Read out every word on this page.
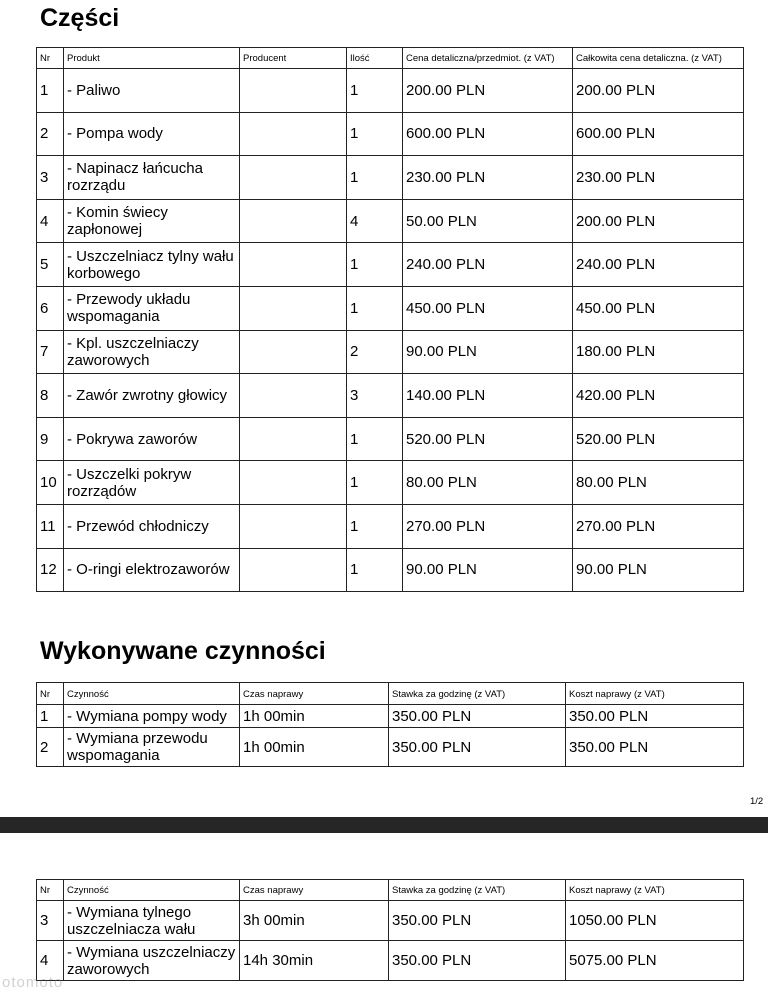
Części
Nr	Produkt	Producent	Ilość	Cena detaliczna/przedmiot. (z VAT)	Całkowita cena detaliczna. (z VAT)
1	- Paliwo		1	200.00 PLN	200.00 PLN
2	- Pompa wody		1	600.00 PLN	600.00 PLN
3	- Napinacz łańcucha rozrządu		1	230.00 PLN	230.00 PLN
4	- Komin świecy zapłonowej		4	50.00 PLN	200.00 PLN
5	- Uszczelniacz tylny wału korbowego		1	240.00 PLN	240.00 PLN
6	- Przewody układu wspomagania		1	450.00 PLN	450.00 PLN
7	- Kpl. uszczelniaczy zaworowych		2	90.00 PLN	180.00 PLN
8	- Zawór zwrotny głowicy		3	140.00 PLN	420.00 PLN
9	- Pokrywa zaworów		1	520.00 PLN	520.00 PLN
10	- Uszczelki pokryw rozrządów		1	80.00 PLN	80.00 PLN
11	- Przewód chłodniczy		1	270.00 PLN	270.00 PLN
12	- O-ringi elektrozaworów		1	90.00 PLN	90.00 PLN
Wykonywane czynności
Nr	Czynność	Czas naprawy	Stawka za godzinę (z VAT)	Koszt naprawy (z VAT)
1	- Wymiana pompy wody	1h 00min	350.00 PLN	350.00 PLN
2	- Wymiana przewodu wspomagania	1h 00min	350.00 PLN	350.00 PLN
1/2
Nr	Czynność	Czas naprawy	Stawka za godzinę (z VAT)	Koszt naprawy (z VAT)
3	- Wymiana tylnego uszczelniacza wału	3h 00min	350.00 PLN	1050.00 PLN
4	- Wymiana uszczelniaczy zaworowych	14h 30min	350.00 PLN	5075.00 PLN
otomoto
